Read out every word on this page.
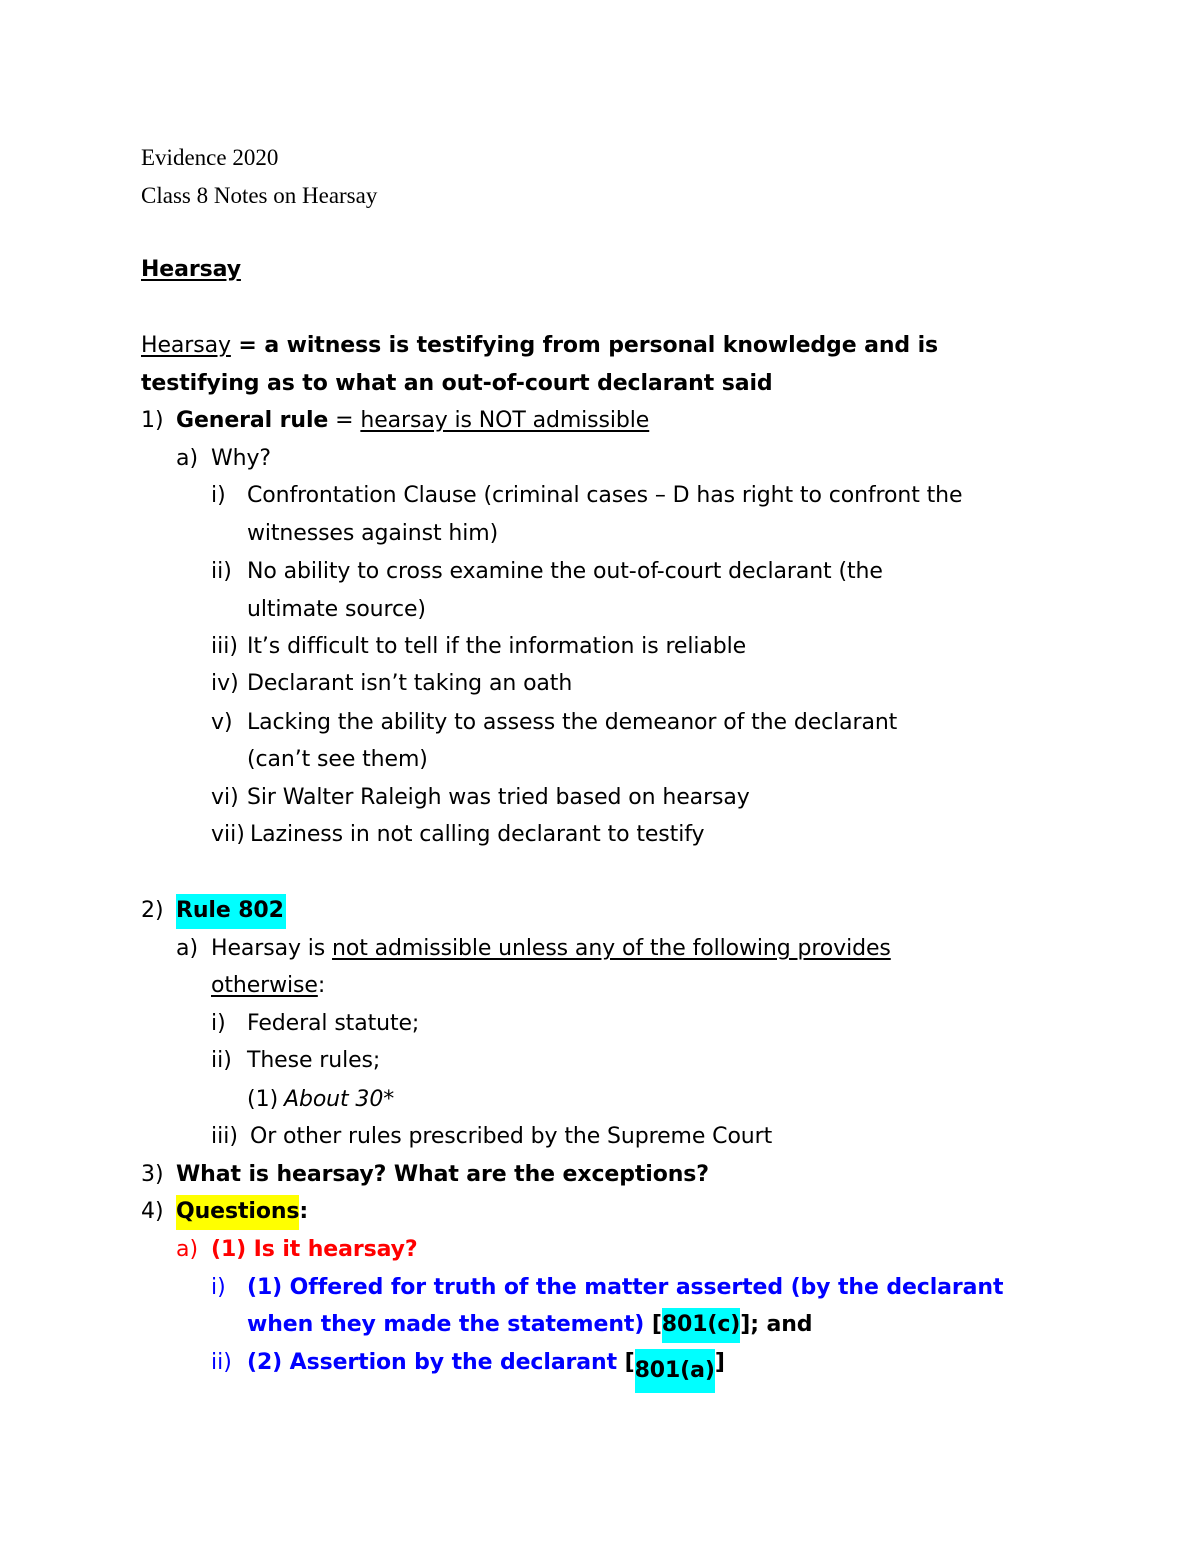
Evidence 2020
Class 8 Notes on Hearsay
Hearsay
Hearsay = a witness is testifying from personal knowledge and is
testifying as to what an out-of-court declarant said
1) General rule = hearsay is NOT admissible
a) Why?
i) Confrontation Clause (criminal cases – D has right to confront the
witnesses against him)
ii) No ability to cross examine the out-of-court declarant (the
ultimate source)
iii) It’s difficult to tell if the information is reliable
iv) Declarant isn’t taking an oath
v) Lacking the ability to assess the demeanor of the declarant
(can’t see them)
vi) Sir Walter Raleigh was tried based on hearsay
vii) Laziness in not calling declarant to testify
2) Rule 802
a) Hearsay is not admissible unless any of the following provides
otherwise:
i) Federal statute;
ii) These rules;
(1) About 30*
iii) Or other rules prescribed by the Supreme Court
3) What is hearsay? What are the exceptions?
4) Questions:
a) (1) Is it hearsay?
i) (1) Offered for truth of the matter asserted (by the declarant
when they made the statement) [801(c)]; and
ii) (2) Assertion by the declarant [801(a)]
